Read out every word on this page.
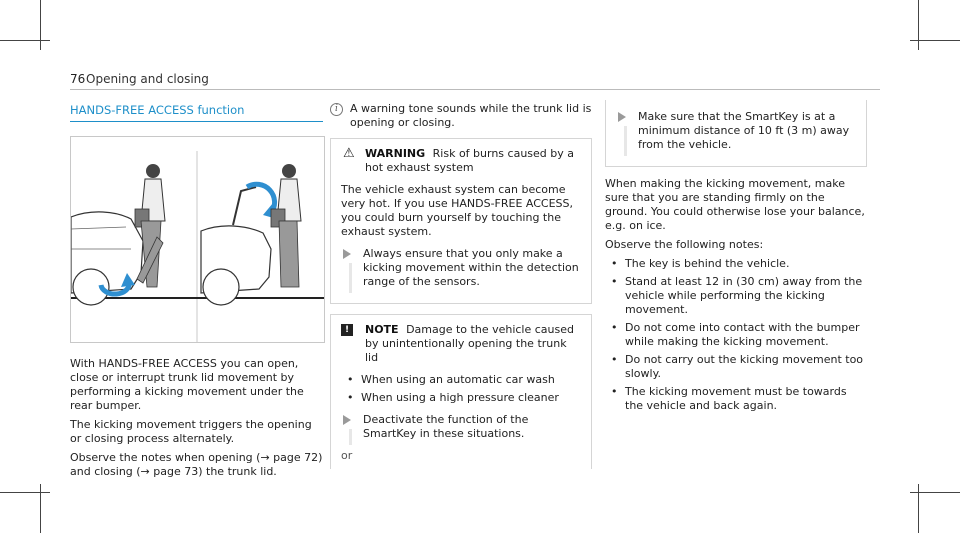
76 Opening and closing
HANDS-FREE ACCESS function

With HANDS-FREE ACCESS you can open, close or interrupt trunk lid movement by performing a kicking movement under the rear bumper.

The kicking movement triggers the opening or closing process alternately.

Observe the notes when opening (→ page 72) and closing (→ page 73) the trunk lid.

i	A warning tone sounds while the trunk lid is opening or closing.
⚠ WARNING Risk of burns caused by a hot exhaust system

The vehicle exhaust system can become very hot. If you use HANDS-FREE ACCESS, you could burn yourself by touching the exhaust system.

Always ensure that you only make a kicking movement within the detection range of the sensors.
!	NOTE Damage to the vehicle caused by unintentionally opening the trunk lid
• When using an automatic car wash
• When using a high pressure cleaner
Deactivate the function of the SmartKey in these situations.
or
Make sure that the SmartKey is at a minimum distance of 10 ft (3 m) away from the vehicle.

When making the kicking movement, make sure that you are standing firmly on the ground. You could otherwise lose your balance, e.g. on ice.

Observe the following notes:

• The key is behind the vehicle.
• Stand at least 12 in (30 cm) away from the vehicle while performing the kicking movement.
• Do not come into contact with the bumper while making the kicking movement.
• Do not carry out the kicking movement too slowly.
• The kicking movement must be towards the vehicle and back again.
